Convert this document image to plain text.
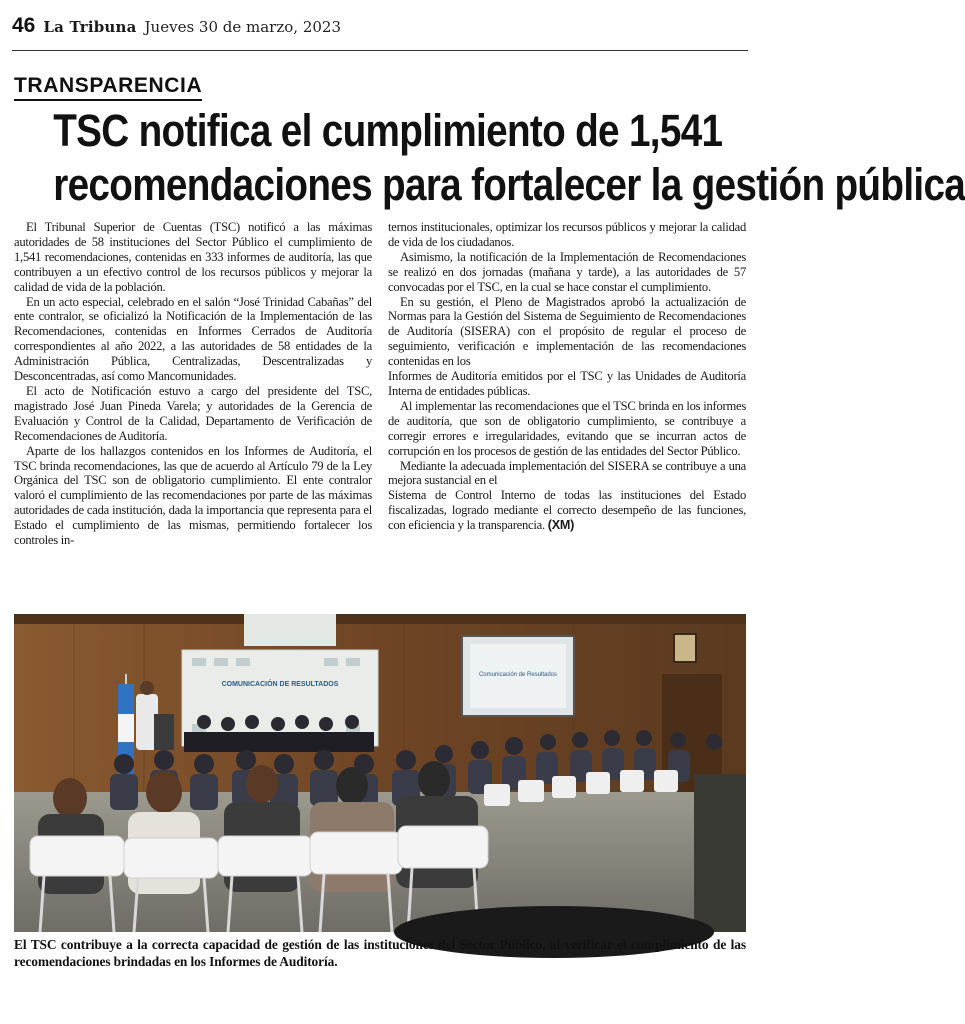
46 La Tribuna Jueves 30 de marzo, 2023
TRANSPARENCIA
TSC notifica el cumplimiento de 1,541
recomendaciones para fortalecer la gestión pública

El Tribunal Superior de Cuentas (TSC) notificó a las máximas autoridades de 58 instituciones del Sector Público el cumplimiento de 1,541 recomendaciones, contenidas en 333 informes de auditoría, las que contribuyen a un efectivo control de los recursos públicos y mejorar la calidad de vida de la población.

En un acto especial, celebrado en el salón “José Trinidad Cabañas” del ente contralor, se oficializó la Notificación de la Implementación de las Recomendaciones, contenidas en Informes Cerrados de Auditoría correspondientes al año 2022, a las autoridades de 58 entidades de la Administración Pública, Centralizadas, Descentralizadas y Desconcentradas, así como Mancomunidades.

El acto de Notificación estuvo a cargo del presidente del TSC, magistrado José Juan Pineda Varela; y autoridades de la Gerencia de Evaluación y Control de la Calidad, Departamento de Verificación de Recomendaciones de Auditoría.

Aparte de los hallazgos contenidos en los Informes de Auditoría, el TSC brinda recomendaciones, las que de acuerdo al Artículo 79 de la Ley Orgánica del TSC son de obligatorio cumplimiento. El ente contralor valoró el cumplimiento de las recomendaciones por parte de las máximas autoridades de cada institución, dada la importancia que representa para el Estado el cumplimiento de las mismas, permitiendo fortalecer los controles in-

ternos institucionales, optimizar los recursos públicos y mejorar la calidad de vida de los ciudadanos.

Asimismo, la notificación de la Implementación de Recomendaciones se realizó en dos jornadas (mañana y tarde), a las autoridades de 57 convocadas por el TSC, en la cual se hace constar el cumplimiento.

En su gestión, el Pleno de Magistrados aprobó la actualización de Normas para la Gestión del Sistema de Seguimiento de Recomendaciones de Auditoría (SISERA) con el propósito de regular el proceso de seguimiento, verificación e implementación de las recomendaciones contenidas en los

Informes de Auditoría emitidos por el TSC y las Unidades de Auditoría Interna de entidades públicas.

Al implementar las recomendaciones que el TSC brinda en los informes de auditoría, que son de obligatorio cumplimiento, se contribuye a corregir errores e irregularidades, evitando que se incurran actos de corrupción en los procesos de gestión de las entidades del Sector Público.

Mediante la adecuada implementación del SISERA se contribuye a una mejora sustancial en el

Sistema de Control Interno de todas las instituciones del Estado fiscalizadas, logrado mediante el correcto desempeño de las funciones, con eficiencia y la transparencia. (XM)

COMUNICACIÓN DE RESULTADOS
Comunicación de Resultados
El TSC contribuye a la correcta capacidad de gestión de las instituciones del Sector Público, al verificar el cumplimiento de las recomendaciones brindadas en los Informes de Auditoría.
